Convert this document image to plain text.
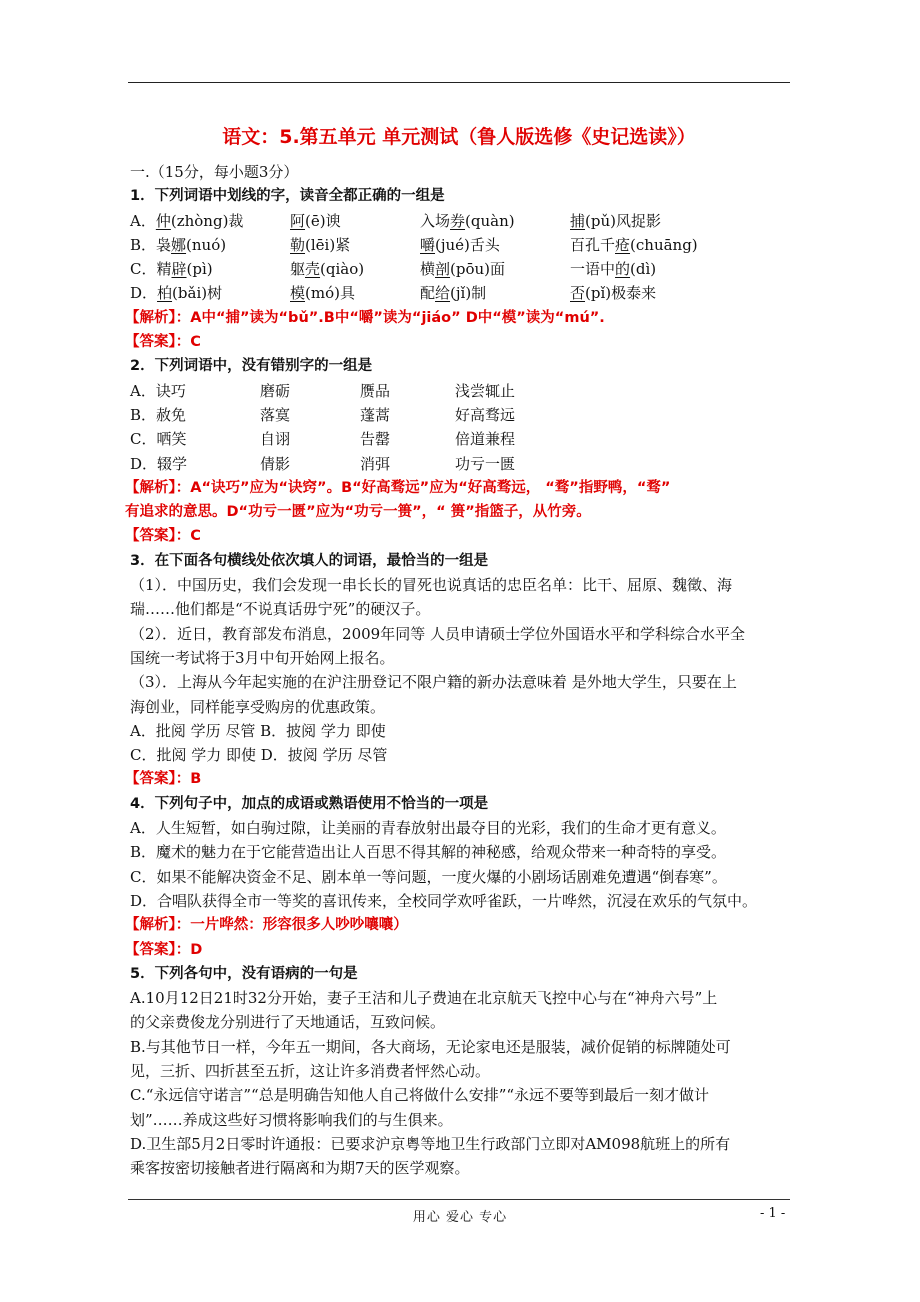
语文：5.第五单元 单元测试（鲁人版选修《史记选读》）
一.（15分，每小题3分）
1．下列词语中划线的字，读音全都正确的一组是
A．仲(zhòng)裁	阿(ē)谀	入场券(quàn)	捕(pǔ)风捉影
B．袅娜(nuó)	勒(lēi)紧	嚼(jué)舌头	百孔千疮(chuāng)
C．精辟(pì)	躯壳(qiào)	横剖(pōu)面	一语中的(dì)
D．柏(bǎi)树	模(mó)具	配给(jǐ)制	否(pǐ)极泰来
【解析】：A中“捕”读为“bǔ”.B中“嚼”读为“jiáo” D中“模”读为“mú”.
【答案】：C
2．下列词语中，没有错别字的一组是
A．诀巧	磨砺	赝品	浅尝辄止
B．赦免	落寞	蓬蒿	好高骛远
C．哂笑	自诩	告罄	倍道兼程
D．辍学	倩影	消弭	功亏一匮
【解析】：A“诀巧”应为“诀窍”。B“好高骛远”应为“好高骛远， “骛”指野鸭，“骛”
有追求的意思。D“功亏一匮”应为“功亏一篑”，“ 篑”指篮子，从竹旁。
【答案】：C
3．在下面各句横线处依次填人的词语，最恰当的一组是
（1）．中国历史，我们会发现一串长长的冒死也说真话的忠臣名单：比干、屈原、魏徵、海
瑞……他们都是“不说真话毋宁死”的硬汉子。
（2）．近日，教育部发布消息，2009年同等 人员申请硕士学位外国语水平和学科综合水平全
国统一考试将于3月中旬开始网上报名。
（3）．上海从今年起实施的在沪注册登记不限户籍的新办法意味着 是外地大学生，只要在上
海创业，同样能享受购房的优惠政策。
A．批阅 学历 尽管 B．披阅 学力 即使
C．批阅 学力 即使 D．披阅 学历 尽管
【答案】：B
4．下列句子中，加点的成语或熟语使用不恰当的一项是
A．人生短暂，如白驹过隙，让美丽的青春放射出最夺目的光彩，我们的生命才更有意义。
B．魔术的魅力在于它能营造出让人百思不得其解的神秘感，给观众带来一种奇特的享受。
C．如果不能解决资金不足、剧本单一等问题，一度火爆的小剧场话剧难免遭遇“倒春寒”。
D．合唱队获得全市一等奖的喜讯传来，全校同学欢呼雀跃，一片哗然，沉浸在欢乐的气氛中。
【解析】：一片哗然：形容很多人吵吵嚷嚷）
【答案】：D
5．下列各句中，没有语病的一句是
A.10月12日21时32分开始，妻子王洁和儿子费迪在北京航天飞控中心与在“神舟六号”上
的父亲费俊龙分别进行了天地通话，互致问候。
B.与其他节日一样，今年五一期间，各大商场，无论家电还是服装，减价促销的标牌随处可
见，三折、四折甚至五折，这让许多消费者怦然心动。
C.“永远信守诺言”“总是明确告知他人自己将做什么安排”“永远不要等到最后一刻才做计
划”……养成这些好习惯将影响我们的与生俱来。
D.卫生部5月2日零时许通报：已要求沪京粤等地卫生行政部门立即对AM098航班上的所有
乘客按密切接触者进行隔离和为期7天的医学观察。
用心 爱心 专心	- 1 -
